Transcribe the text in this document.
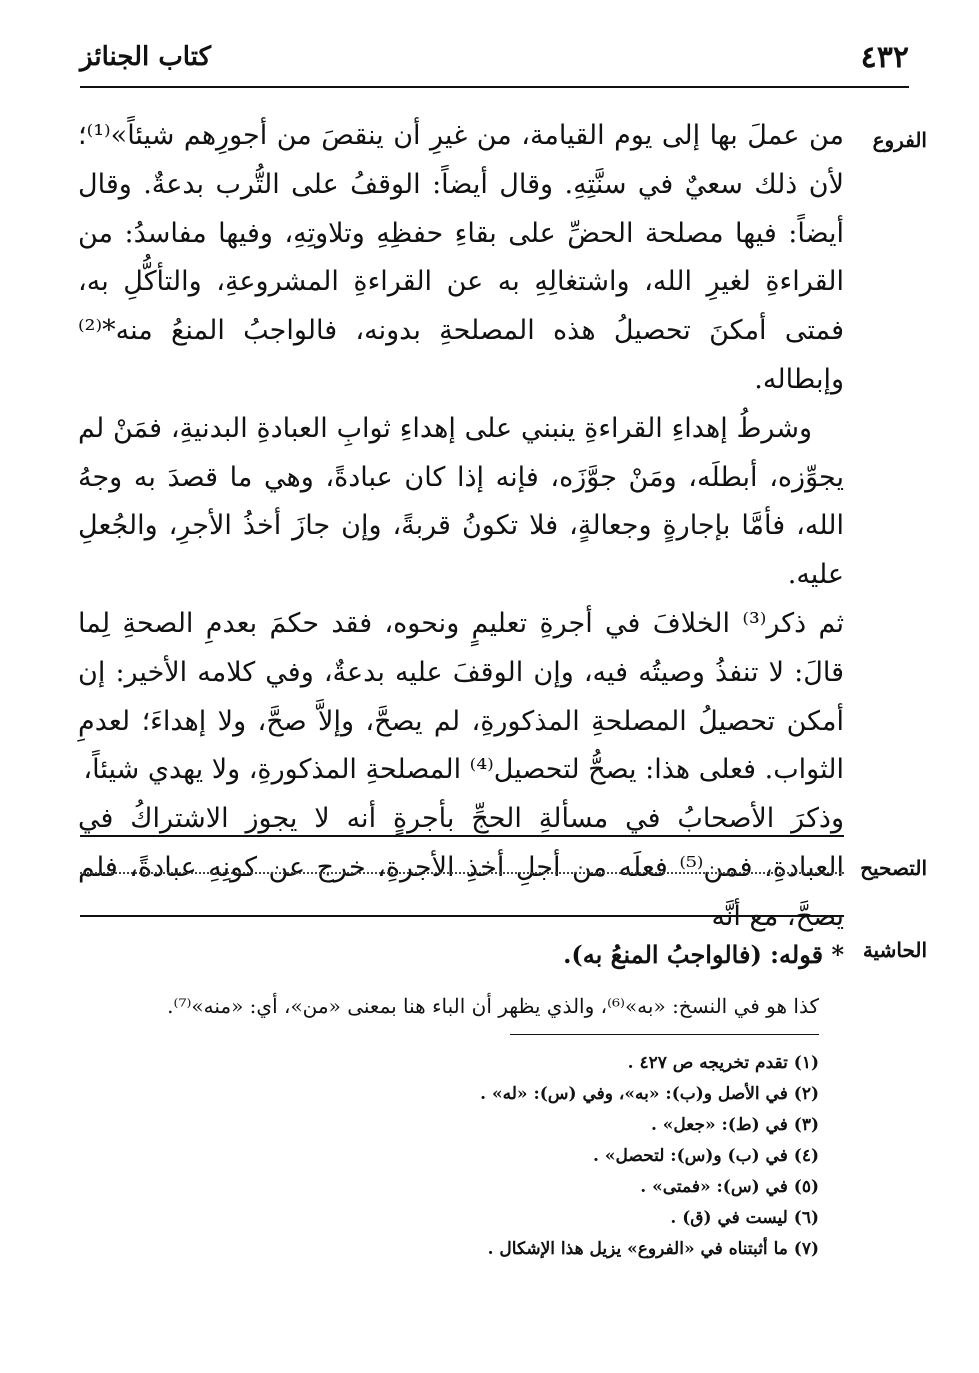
٤٣٢
كتاب الجنائز
الفروع

من عملَ بها إلى يوم القيامة، من غيرِ أن ينقصَ من أجورِهم شيئاً»⁽¹⁾؛ لأن ذلك سعيٌ في سنَّتِهِ. وقال أيضاً: الوقفُ على التُّرب بدعةٌ. وقال أيضاً: فيها مصلحة الحضِّ على بقاءِ حفظِهِ وتلاوتِهِ، وفيها مفاسدُ: من القراءةِ لغيرِ الله، واشتغالِهِ به عن القراءةِ المشروعةِ، والتأكُّلِ به، فمتى أمكنَ تحصيلُ هذه المصلحةِ بدونه، فالواجبُ المنعُ منه*⁽²⁾ وإبطاله.

وشرطُ إهداءِ القراءةِ ينبني على إهداءِ ثوابِ العبادةِ البدنيةِ، فمَنْ لم يجوِّزه، أبطلَه، ومَنْ جوَّزَه، فإنه إذا كان عبادةً، وهي ما قصدَ به وجهُ الله، فأمَّا بإجارةٍ وجعالةٍ، فلا تكونُ قربةً، وإن جازَ أخذُ الأجرِ، والجُعلِ عليه.

ثم ذكر⁽³⁾ الخلافَ في أجرةِ تعليمٍ ونحوه، فقد حكمَ بعدمِ الصحةِ لِما قالَ: لا تنفذُ وصيتُه فيه، وإن الوقفَ عليه بدعةٌ، وفي كلامه الأخير: إن أمكن تحصيلُ المصلحةِ المذكورةِ، لم يصحَّ، وإلاَّ صحَّ، ولا إهداءَ؛ لعدمِ الثواب. فعلى هذا: يصحُّ لتحصيل⁽⁴⁾ المصلحةِ المذكورةِ، ولا يهدي شيئاً،

وذكرَ الأصحابُ في مسألةِ الحجِّ بأجرةٍ أنه لا يجوز الاشتراكُ في العبادةِ، فمن⁽⁵⁾ فعلَه من أجلِ أخذِ الأجرةِ، خرج عن كونِهِ عبادةً، فلم يصحَّ، مع أنَّه

التصحيح
الحاشية
* قوله: (فالواجبُ المنعُ به).
كذا هو في النسخ: «به»⁽⁶⁾، والذي يظهر أن الباء هنا بمعنى «من»، أي: «منه»⁽⁷⁾.
(١) تقدم تخريجه ص ٤٢٧ .
(٢) في الأصل و(ب): «به»، وفي (س): «له» .
(٣) في (ط): «جعل» .
(٤) في (ب) و(س): لتحصل» .
(٥) في (س): «فمتى» .
(٦) ليست في (ق) .
(٧) ما أثبتناه في «الفروع» يزيل هذا الإشكال .
